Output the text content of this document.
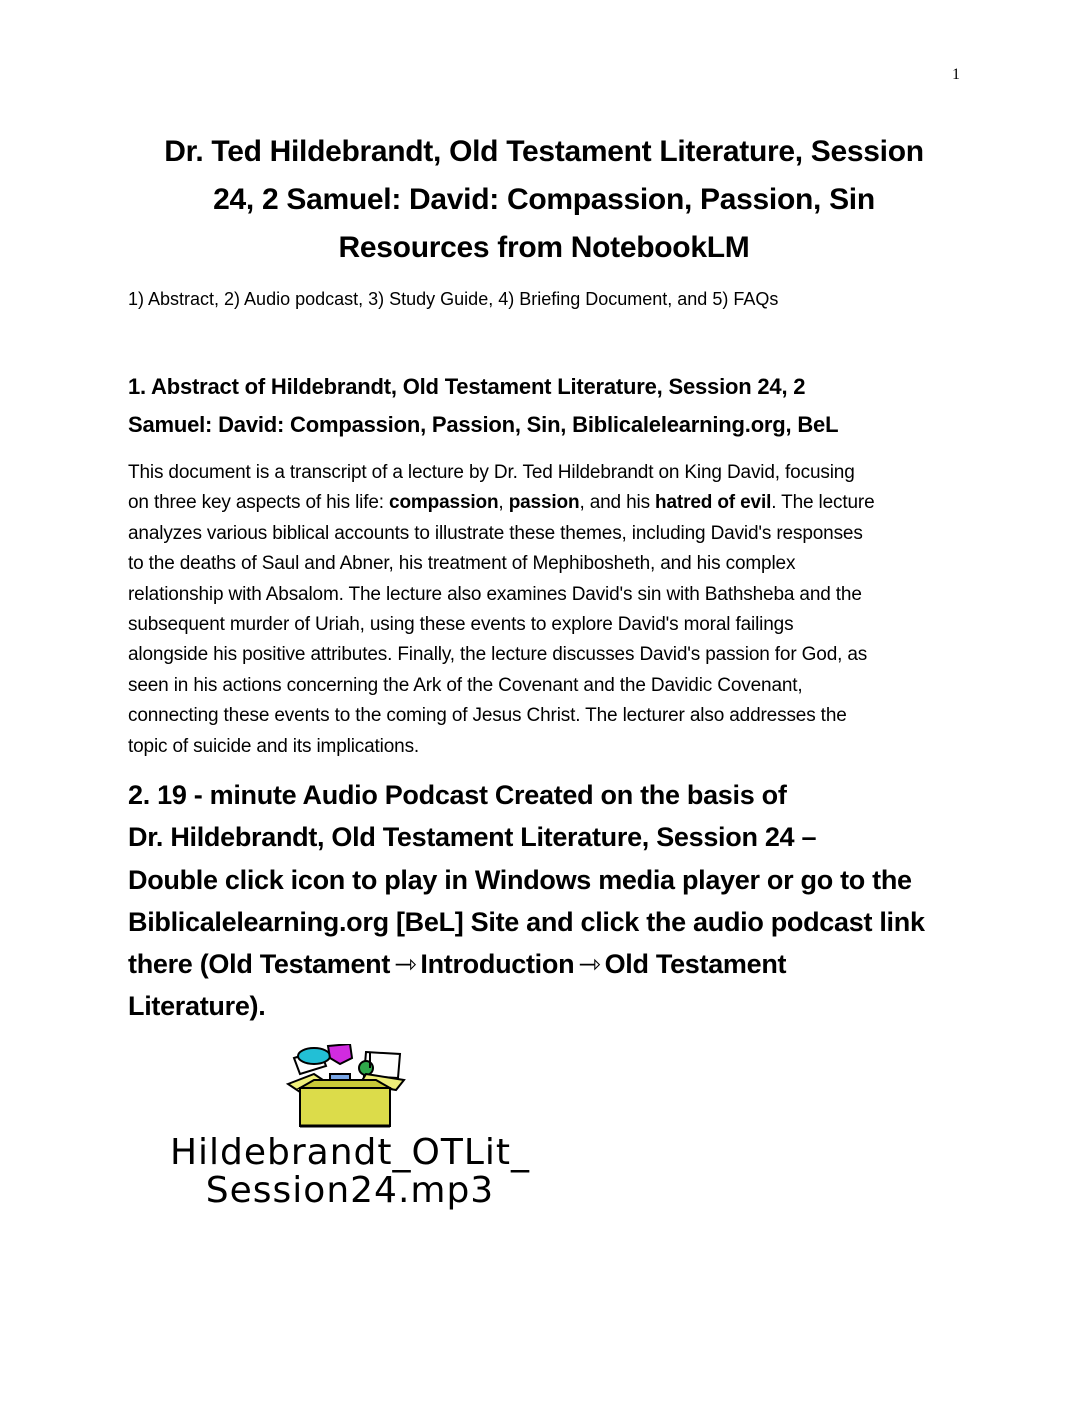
1
Dr. Ted Hildebrandt, Old Testament Literature, Session
24, 2 Samuel: David: Compassion, Passion, Sin
Resources from NotebookLM
1) Abstract, 2) Audio podcast, 3) Study Guide, 4) Briefing Document, and 5) FAQs
1. Abstract of Hildebrandt, Old Testament Literature, Session 24, 2
Samuel: David: Compassion, Passion, Sin, Biblicalelearning.org, BeL
This document is a transcript of a lecture by Dr. Ted Hildebrandt on King David, focusing
on three key aspects of his life: compassion, passion, and his hatred of evil. The lecture
analyzes various biblical accounts to illustrate these themes, including David's responses
to the deaths of Saul and Abner, his treatment of Mephibosheth, and his complex
relationship with Absalom. The lecture also examines David's sin with Bathsheba and the
subsequent murder of Uriah, using these events to explore David's moral failings
alongside his positive attributes. Finally, the lecture discusses David's passion for God, as
seen in his actions concerning the Ark of the Covenant and the Davidic Covenant,
connecting these events to the coming of Jesus Christ. The lecturer also addresses the
topic of suicide and its implications.
2. 19 - minute Audio Podcast Created on the basis of
Dr. Hildebrandt, Old Testament Literature, Session 24 –
Double click icon to play in Windows media player or go to the
Biblicalelearning.org [BeL] Site and click the audio podcast link
there (Old Testament ⇾ Introduction ⇾ Old Testament
Literature).
Hildebrandt_OTLit_
Session24.mp3
